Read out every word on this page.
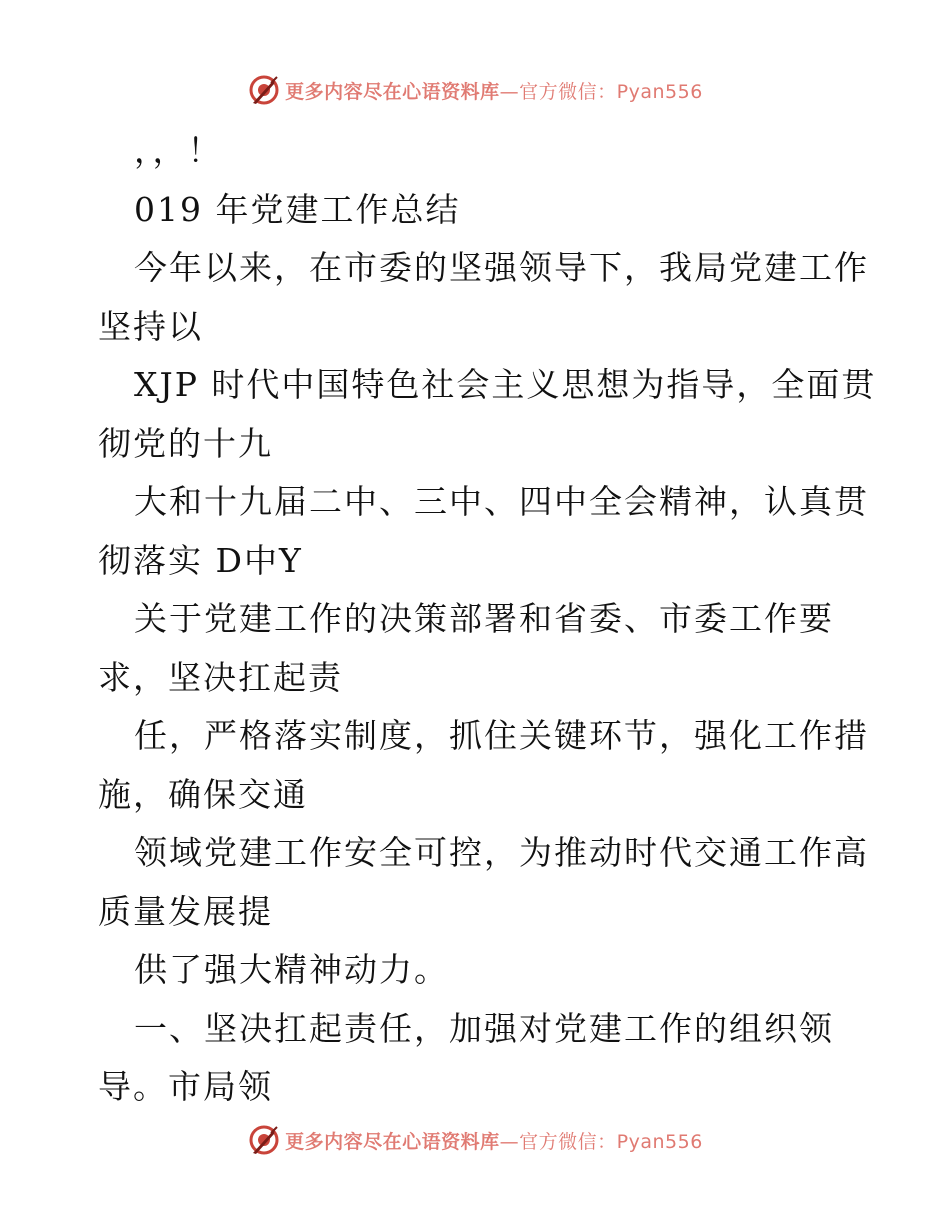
更多内容尽在心语资料库—官方微信：Pyan556
，，！
019 年党建工作总结
今年以来，在市委的坚强领导下，我局党建工作
坚持以
XJP 时代中国特色社会主义思想为指导，全面贯
彻党的十九
大和十九届二中、三中、四中全会精神，认真贯
彻落实 D中Y
关于党建工作的决策部署和省委、市委工作要
求，坚决扛起责
任，严格落实制度，抓住关键环节，强化工作措
施，确保交通
领域党建工作安全可控，为推动时代交通工作高
质量发展提
供了强大精神动力。
一、坚决扛起责任，加强对党建工作的组织领
导。市局领
更多内容尽在心语资料库—官方微信：Pyan556
